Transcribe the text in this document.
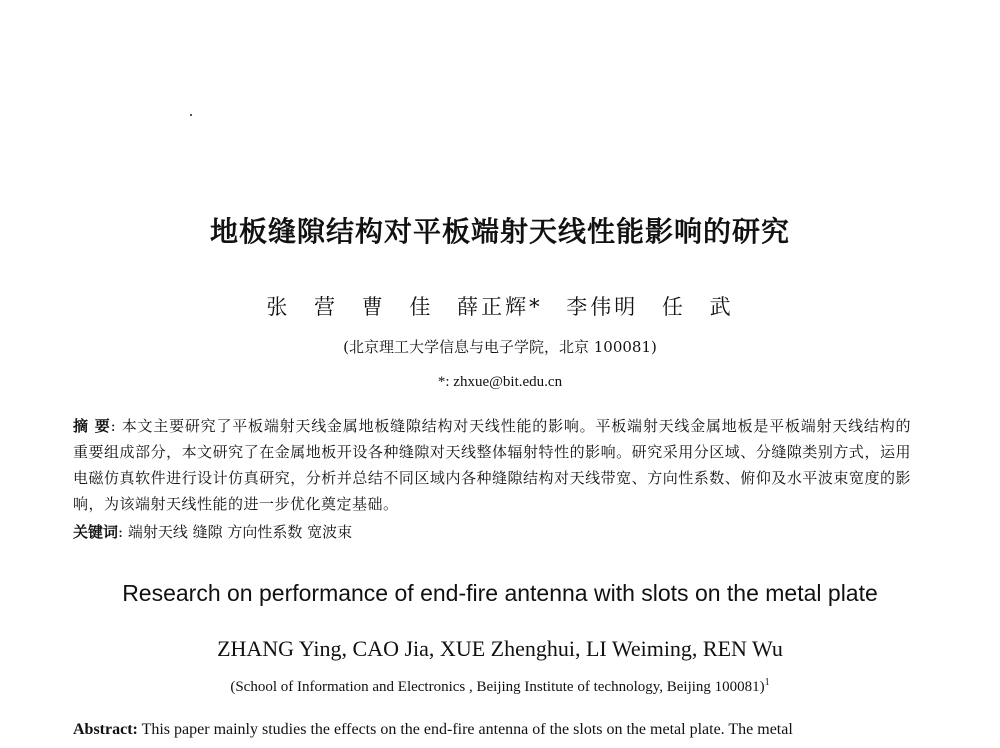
地板缝隙结构对平板端射天线性能影响的研究
张 营 曹 佳 薛正辉* 李伟明 任 武
(北京理工大学信息与电子学院，北京 100081)
*: zhxue@bit.edu.cn
摘 要: 本文主要研究了平板端射天线金属地板缝隙结构对天线性能的影响。平板端射天线金属地板是平板端射天线结构的重要组成部分，本文研究了在金属地板开设各种缝隙对天线整体辐射特性的影响。研究采用分区域、分缝隙类别方式，运用电磁仿真软件进行设计仿真研究，分析并总结不同区域内各种缝隙结构对天线带宽、方向性系数、俯仰及水平波束宽度的影响，为该端射天线性能的进一步优化奠定基础。
关键词: 端射天线 缝隙 方向性系数 宽波束
Research on performance of end-fire antenna with slots on the metal plate
ZHANG Ying, CAO Jia, XUE Zhenghui, LI Weiming, REN Wu
(School of Information and Electronics , Beijing Institute of technology, Beijing 100081)$^1$
Abstract: This paper mainly studies the effects on the end-fire antenna of the slots on the metal plate. The metal
